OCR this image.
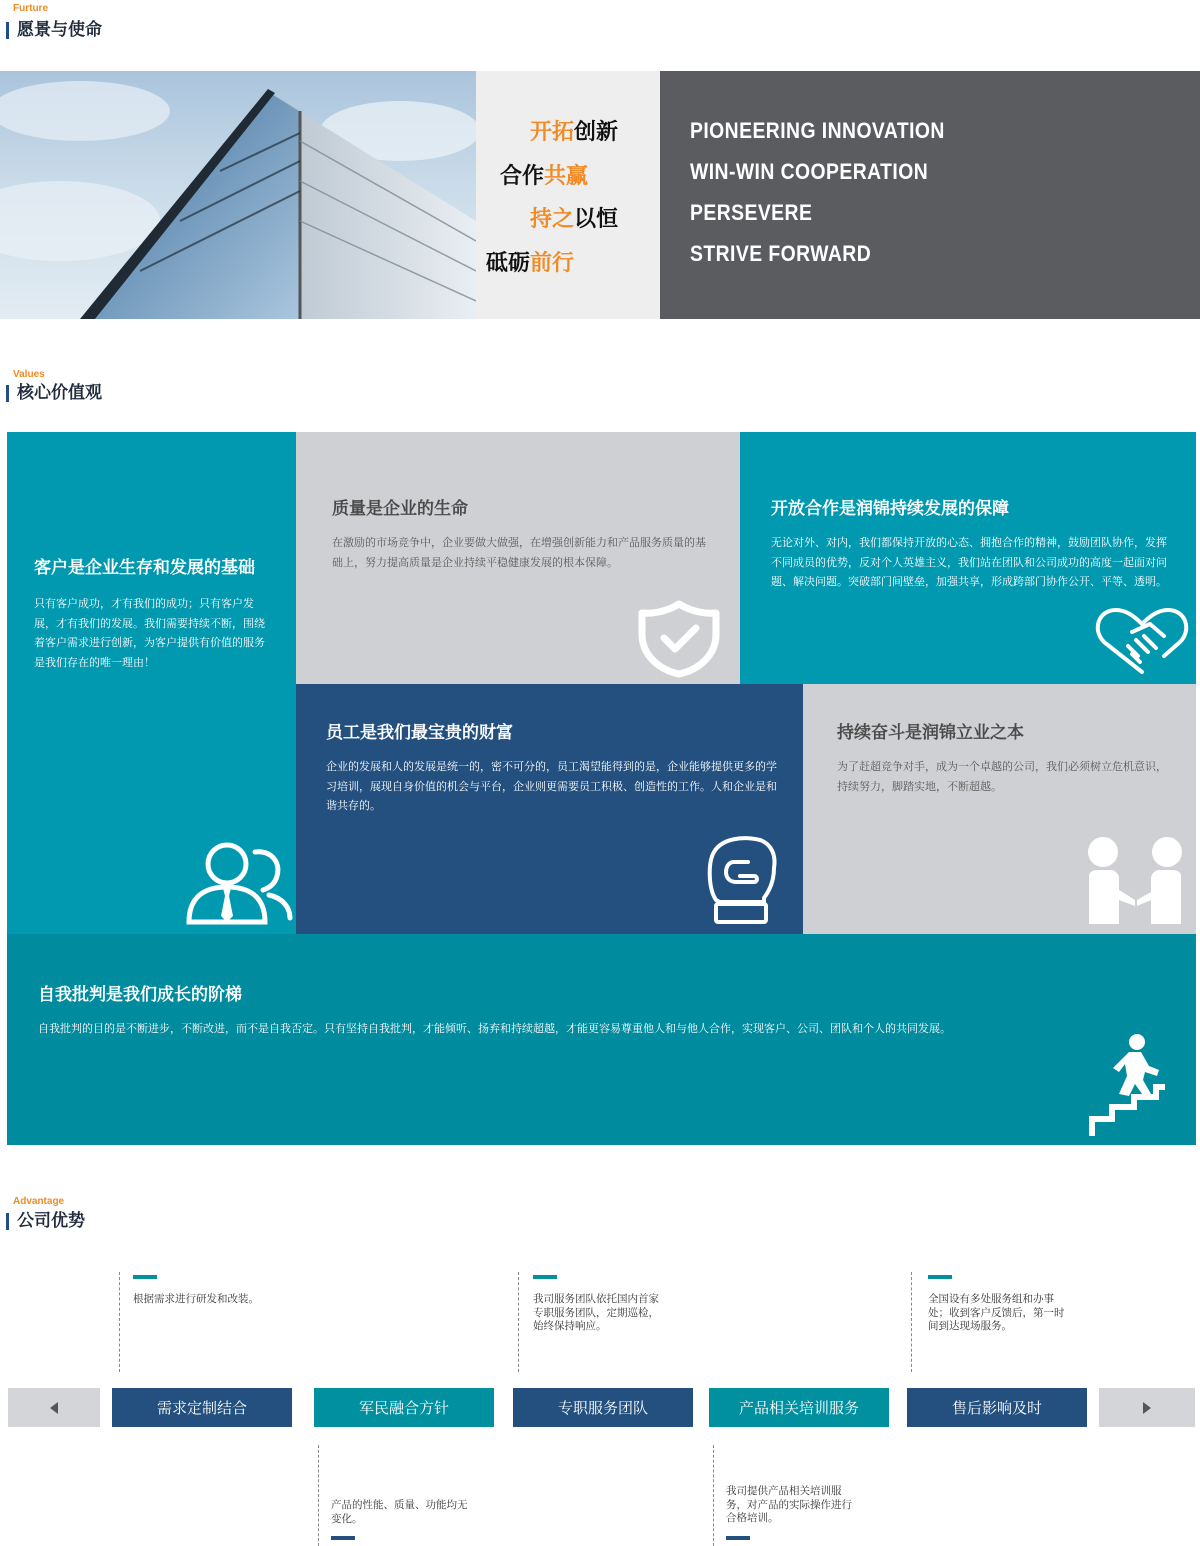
Furture
愿景与使命
开拓创新
合作共赢
持之以恒
砥砺前行
PIONEERING INNOVATION
WIN-WIN COOPERATION
PERSEVERE
STRIVE FORWARD
Values
核心价值观
客户是企业生存和发展的基础

只有客户成功，才有我们的成功；只有客户发展，才有我们的发展。我们需要持续不断，围绕着客户需求进行创新，为客户提供有价值的服务是我们存在的唯一理由！

质量是企业的生命

在激励的市场竞争中，企业要做大做强，在增强创新能力和产品服务质量的基础上，努力提高质量是企业持续平稳健康发展的根本保障。

开放合作是润锦持续发展的保障

无论对外、对内，我们都保持开放的心态、拥抱合作的精神，鼓励团队协作，发挥不同成员的优势，反对个人英雄主义，我们站在团队和公司成功的高度一起面对问题、解决问题。突破部门间壁垒，加强共享，形成跨部门协作公开、平等、透明。

员工是我们最宝贵的财富

企业的发展和人的发展是统一的，密不可分的，员工渴望能得到的是，企业能够提供更多的学习培训，展现自身价值的机会与平台，企业则更需要员工积极、创造性的工作。人和企业是和谐共存的。

持续奋斗是润锦立业之本

为了赶超竞争对手，成为一个卓越的公司，我们必须树立危机意识，持续努力，脚踏实地，不断超越。

自我批判是我们成长的阶梯

自我批判的目的是不断进步，不断改进，而不是自我否定。只有坚持自我批判，才能倾听、扬弃和持续超越，才能更容易尊重他人和与他人合作，实现客户、公司、团队和个人的共同发展。

Advantage
公司优势
根据需求进行研发和改装。	我司服务团队依托国内首家专职服务团队，定期巡检，始终保持响应。
全国设有多处服务组和办事处；收到客户反馈后，第一时间到达现场服务。
需求定制结合	军民融合方针	专职服务团队	产品相关培训服务	售后影响及时
产品的性能、质量、功能均无变化。
我司提供产品相关培训服务，对产品的实际操作进行合格培训。
